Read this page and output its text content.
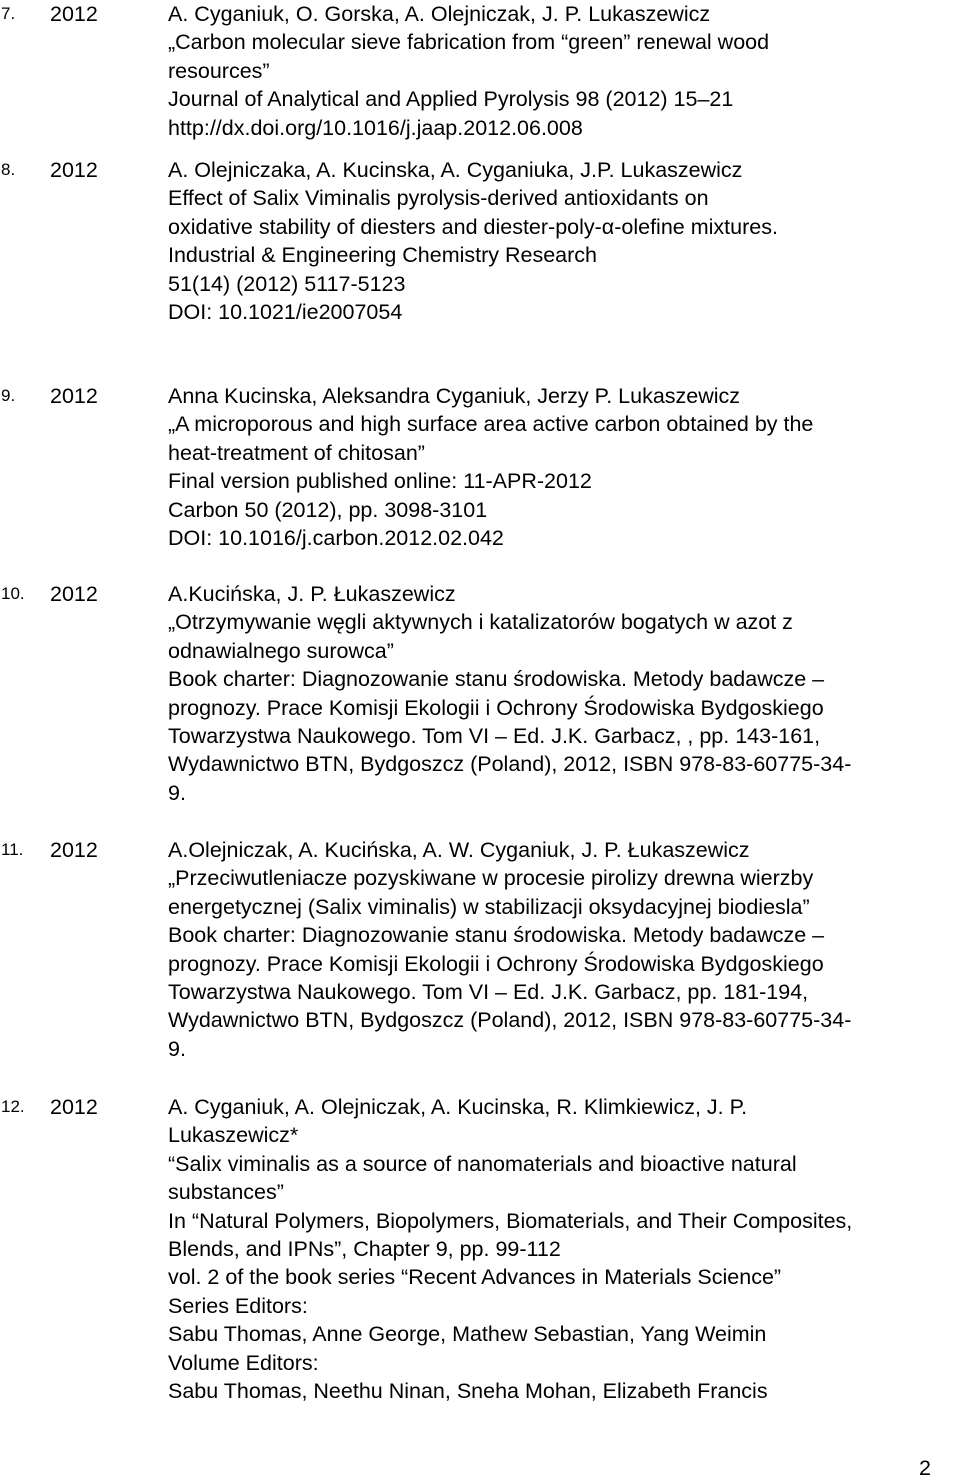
7. 2012	A. Cyganiuk, O. Gorska, A. Olejniczak, J. P. Lukaszewicz
„Carbon molecular sieve fabrication from “green” renewal wood
resources”
Journal of Analytical and Applied Pyrolysis 98 (2012) 15–21
http://dx.doi.org/10.1016/j.jaap.2012.06.008
8. 2012	A. Olejniczaka, A. Kucinska, A. Cyganiuka, J.P. Lukaszewicz
Effect of Salix Viminalis pyrolysis-derived antioxidants on
oxidative stability of diesters and diester-poly-α-olefine mixtures.
Industrial & Engineering Chemistry Research
51(14) (2012) 5117-5123
DOI: 10.1021/ie2007054
9. 2012	Anna Kucinska, Aleksandra Cyganiuk, Jerzy P. Lukaszewicz
„A microporous and high surface area active carbon obtained by the
heat-treatment of chitosan”
Final version published online: 11-APR-2012
Carbon 50 (2012), pp. 3098-3101
DOI: 10.1016/j.carbon.2012.02.042
10. 2012	A.Kucińska, J. P. Łukaszewicz
„Otrzymywanie węgli aktywnych i katalizatorów bogatych w azot z
odnawialnego surowca”
Book charter: Diagnozowanie stanu środowiska. Metody badawcze –
prognozy. Prace Komisji Ekologii i Ochrony Środowiska Bydgoskiego
Towarzystwa Naukowego. Tom VI – Ed. J.K. Garbacz, , pp. 143-161,
Wydawnictwo BTN, Bydgoszcz (Poland), 2012, ISBN 978-83-60775-34-
9.
11. 2012	A.Olejniczak, A. Kucińska, A. W. Cyganiuk, J. P. Łukaszewicz
„Przeciwutleniacze pozyskiwane w procesie pirolizy drewna wierzby
energetycznej (Salix viminalis) w stabilizacji oksydacyjnej biodiesla”
Book charter: Diagnozowanie stanu środowiska. Metody badawcze –
prognozy. Prace Komisji Ekologii i Ochrony Środowiska Bydgoskiego
Towarzystwa Naukowego. Tom VI – Ed. J.K. Garbacz, pp. 181-194,
Wydawnictwo BTN, Bydgoszcz (Poland), 2012, ISBN 978-83-60775-34-
9.
12. 2012	A. Cyganiuk, A. Olejniczak, A. Kucinska, R. Klimkiewicz, J. P.
Lukaszewicz*
“Salix viminalis as a source of nanomaterials and bioactive natural
substances”
In “Natural Polymers, Biopolymers, Biomaterials, and Their Composites,
Blends, and IPNs”, Chapter 9, pp. 99-112
vol. 2 of the book series “Recent Advances in Materials Science”
Series Editors:
Sabu Thomas, Anne George, Mathew Sebastian, Yang Weimin
Volume Editors:
Sabu Thomas, Neethu Ninan, Sneha Mohan, Elizabeth Francis
2
